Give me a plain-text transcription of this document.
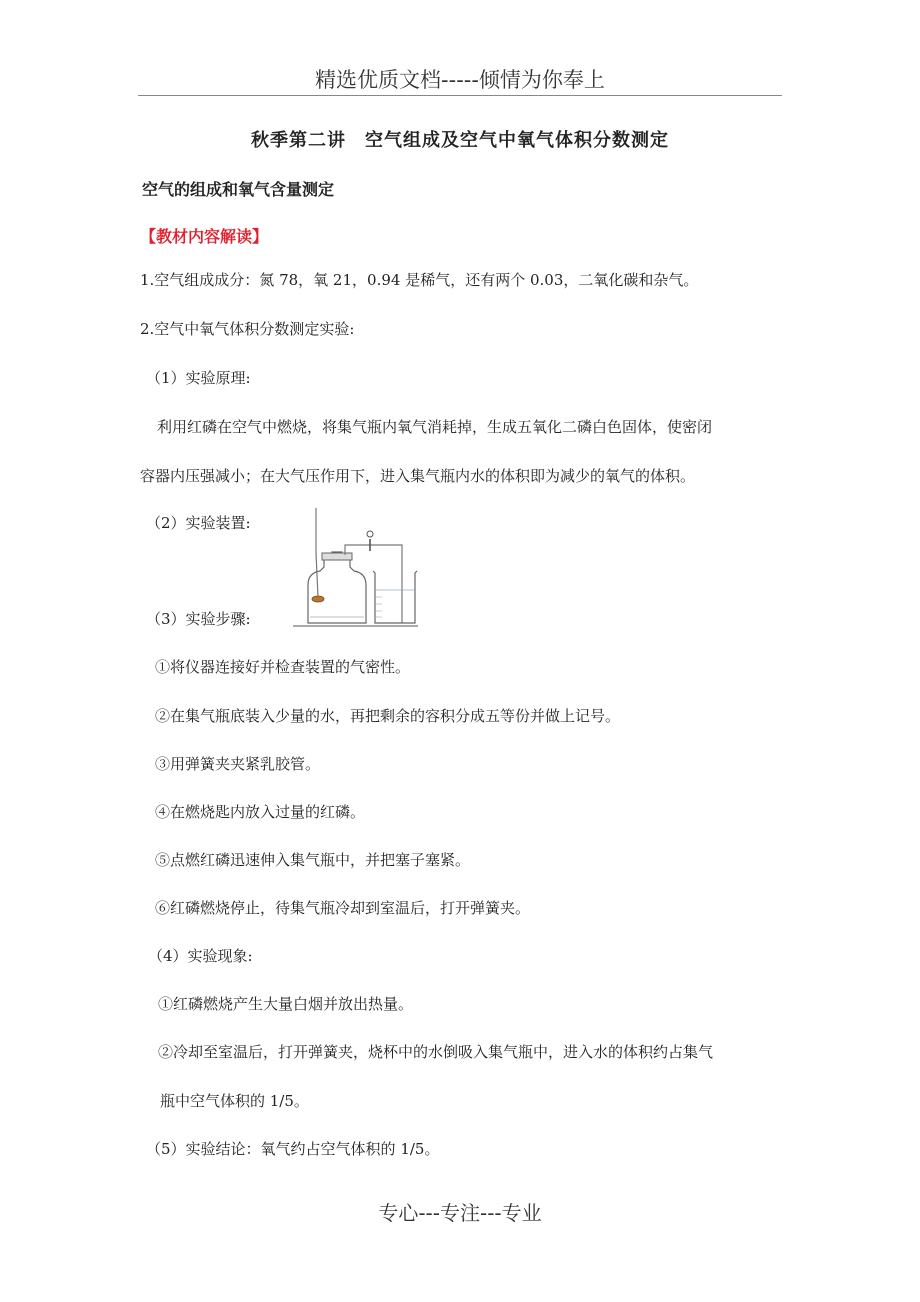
精选优质文档-----倾情为你奉上
秋季第二讲　空气组成及空气中氧气体积分数测定
空气的组成和氧气含量测定
【教材内容解读】
1.空气组成成分：氮 78，氧 21，0.94 是稀气，还有两个 0.03，二氧化碳和杂气。
2.空气中氧气体积分数测定实验:
（1）实验原理:
利用红磷在空气中燃烧，将集气瓶内氧气消耗掉，生成五氧化二磷白色固体，使密闭
容器内压强减小；在大气压作用下，进入集气瓶内水的体积即为减少的氧气的体积。
（2）实验装置:
（3）实验步骤:
①将仪器连接好并检查装置的气密性。
②在集气瓶底装入少量的水，再把剩余的容积分成五等份并做上记号。
③用弹簧夹夹紧乳胶管。
④在燃烧匙内放入过量的红磷。
⑤点燃红磷迅速伸入集气瓶中，并把塞子塞紧。
⑥红磷燃烧停止，待集气瓶冷却到室温后，打开弹簧夹。
（4）实验现象:
①红磷燃烧产生大量白烟并放出热量。
②冷却至室温后，打开弹簧夹，烧杯中的水倒吸入集气瓶中，进入水的体积约占集气
瓶中空气体积的 1/5。
（5）实验结论：氧气约占空气体积的 1/5。
专心---专注---专业
